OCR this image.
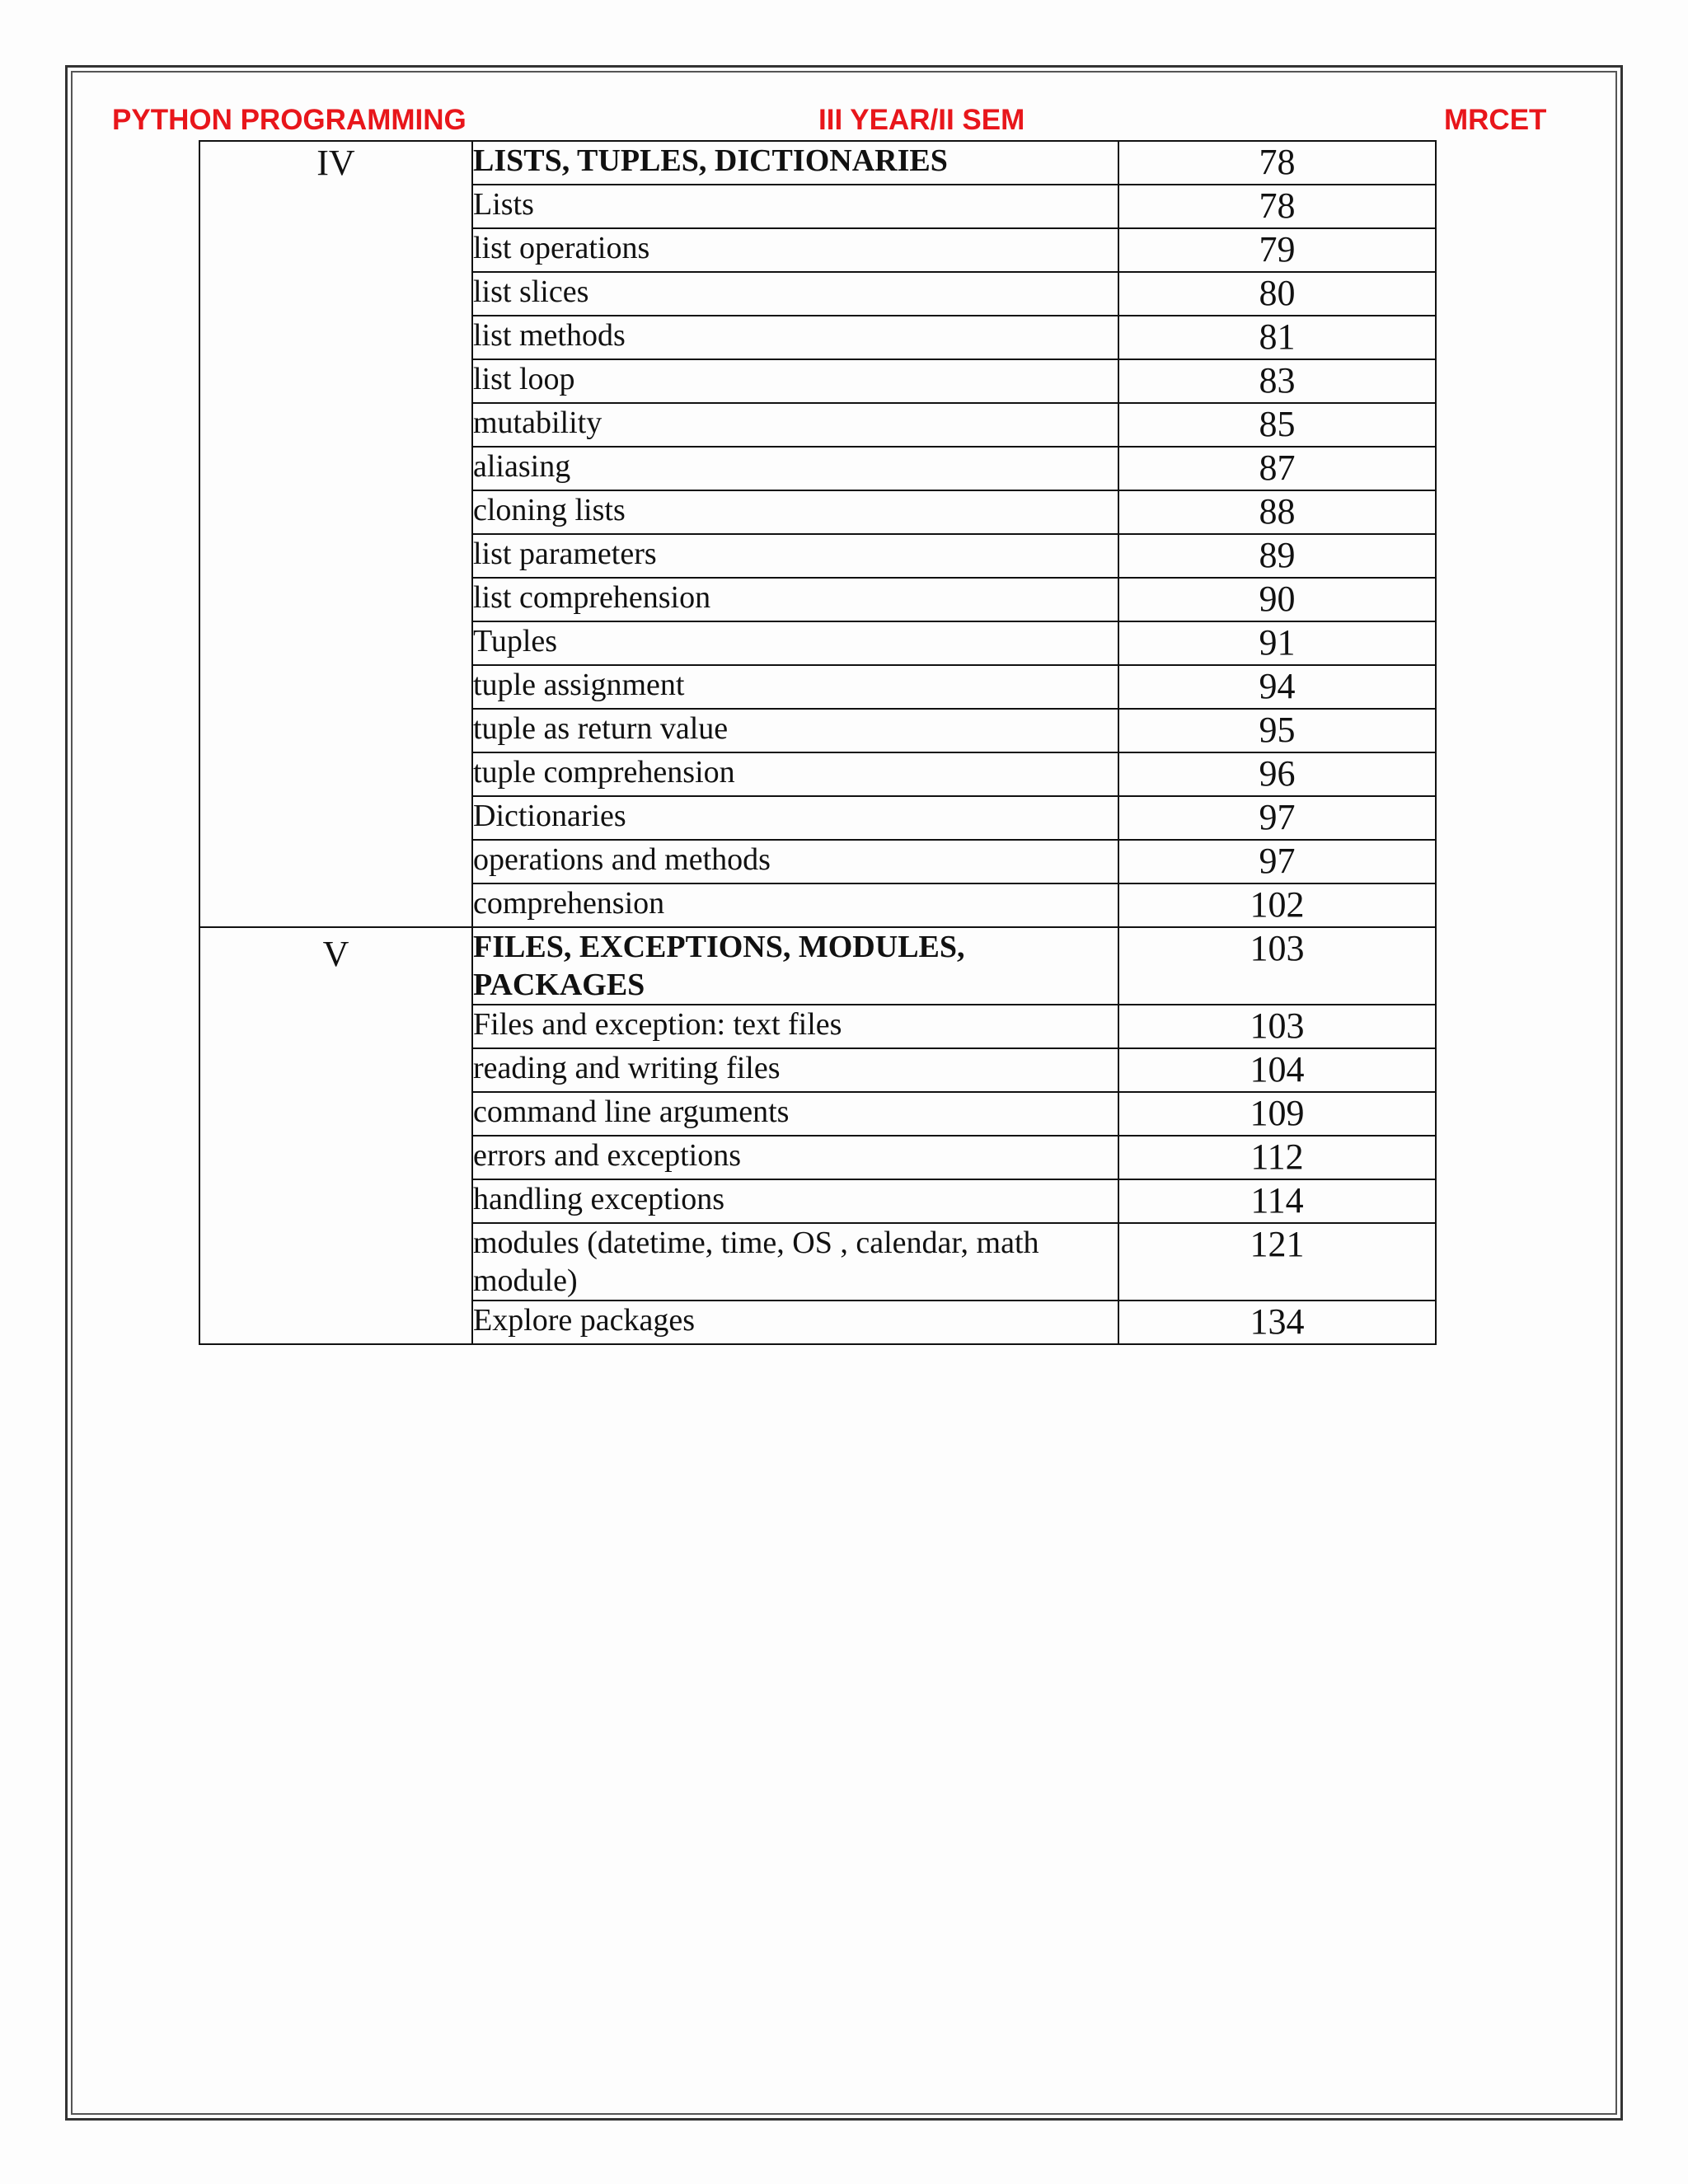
PYTHON PROGRAMMING	III YEAR/II SEM	MRCET
IV	LISTS, TUPLES, DICTIONARIES	78
	Lists	78
	list operations	79
	list slices	80
	list methods	81
	list loop	83
	mutability	85
	aliasing	87
	cloning lists	88
	list parameters	89
	list comprehension	90
	Tuples	91
	tuple assignment	94
	tuple as return value	95
	tuple comprehension	96
	Dictionaries	97
	operations and methods	97
	comprehension	102
V	FILES, EXCEPTIONS, MODULES, PACKAGES	103
	Files and exception: text files	103
	reading and writing files	104
	command line arguments	109
	errors and exceptions	112
	handling exceptions	114
	modules (datetime, time, OS , calendar, math module)	121
	Explore packages	134
